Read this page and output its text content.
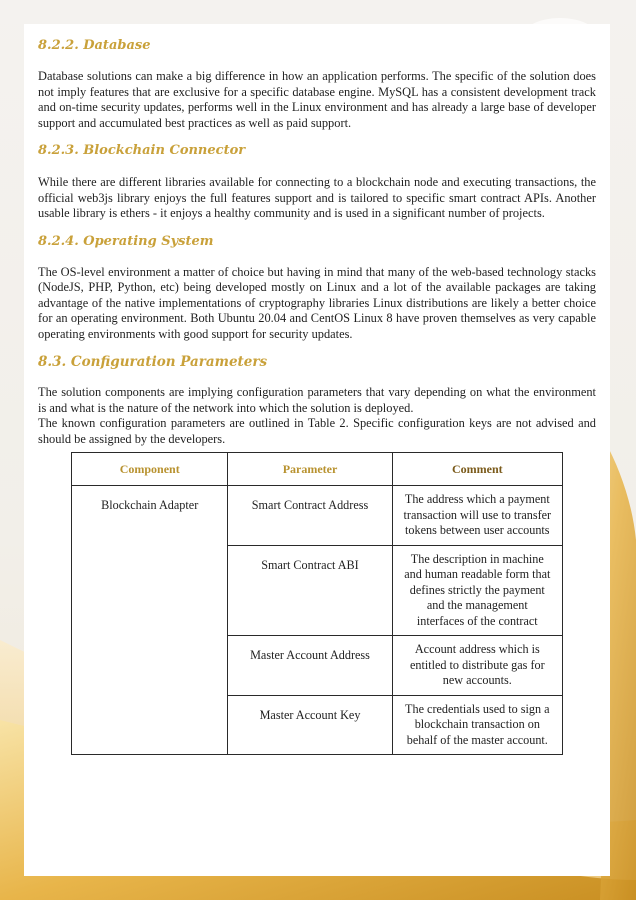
8.2.2. Database

Database solutions can make a big difference in how an application performs. The specific of the solution does not imply features that are exclusive for a specific database engine. MySQL has a consistent development track and on-time security updates, performs well in the Linux environment and has already a large base of developer support and accumulated best practices as well as paid support.

8.2.3. Blockchain Connector

While there are different libraries available for connecting to a blockchain node and executing transactions, the official web3js library enjoys the full features support and is tailored to specific smart contract APIs. Another usable library is ethers - it enjoys a healthy community and is used in a significant number of projects.

8.2.4. Operating System

The OS-level environment a matter of choice but having in mind that many of the web-based technology stacks (NodeJS, PHP, Python, etc) being developed mostly on Linux and a lot of the available packages are taking advantage of the native implementations of cryptography libraries Linux distributions are likely a better choice for an operating environment. Both Ubuntu 20.04 and CentOS Linux 8 have proven themselves as very capable operating environments with good support for security updates.

8.3. Configuration Parameters

The solution components are implying configuration parameters that vary depending on what the environment is and what is the nature of the network into which the solution is deployed.

The known configuration parameters are outlined in Table 2. Specific configuration keys are not advised and should be assigned by the developers.

Component	Parameter	Comment
Blockchain Adapter	Smart Contract Address	The address which a payment transaction will use to transfer tokens between user accounts
	Smart Contract ABI	The description in machine and human readable form that defines strictly the payment and the management interfaces of the contract
	Master Account Address	Account address which is entitled to distribute gas for new accounts.
	Master Account Key	The credentials used to sign a blockchain transaction on behalf of the master account.
